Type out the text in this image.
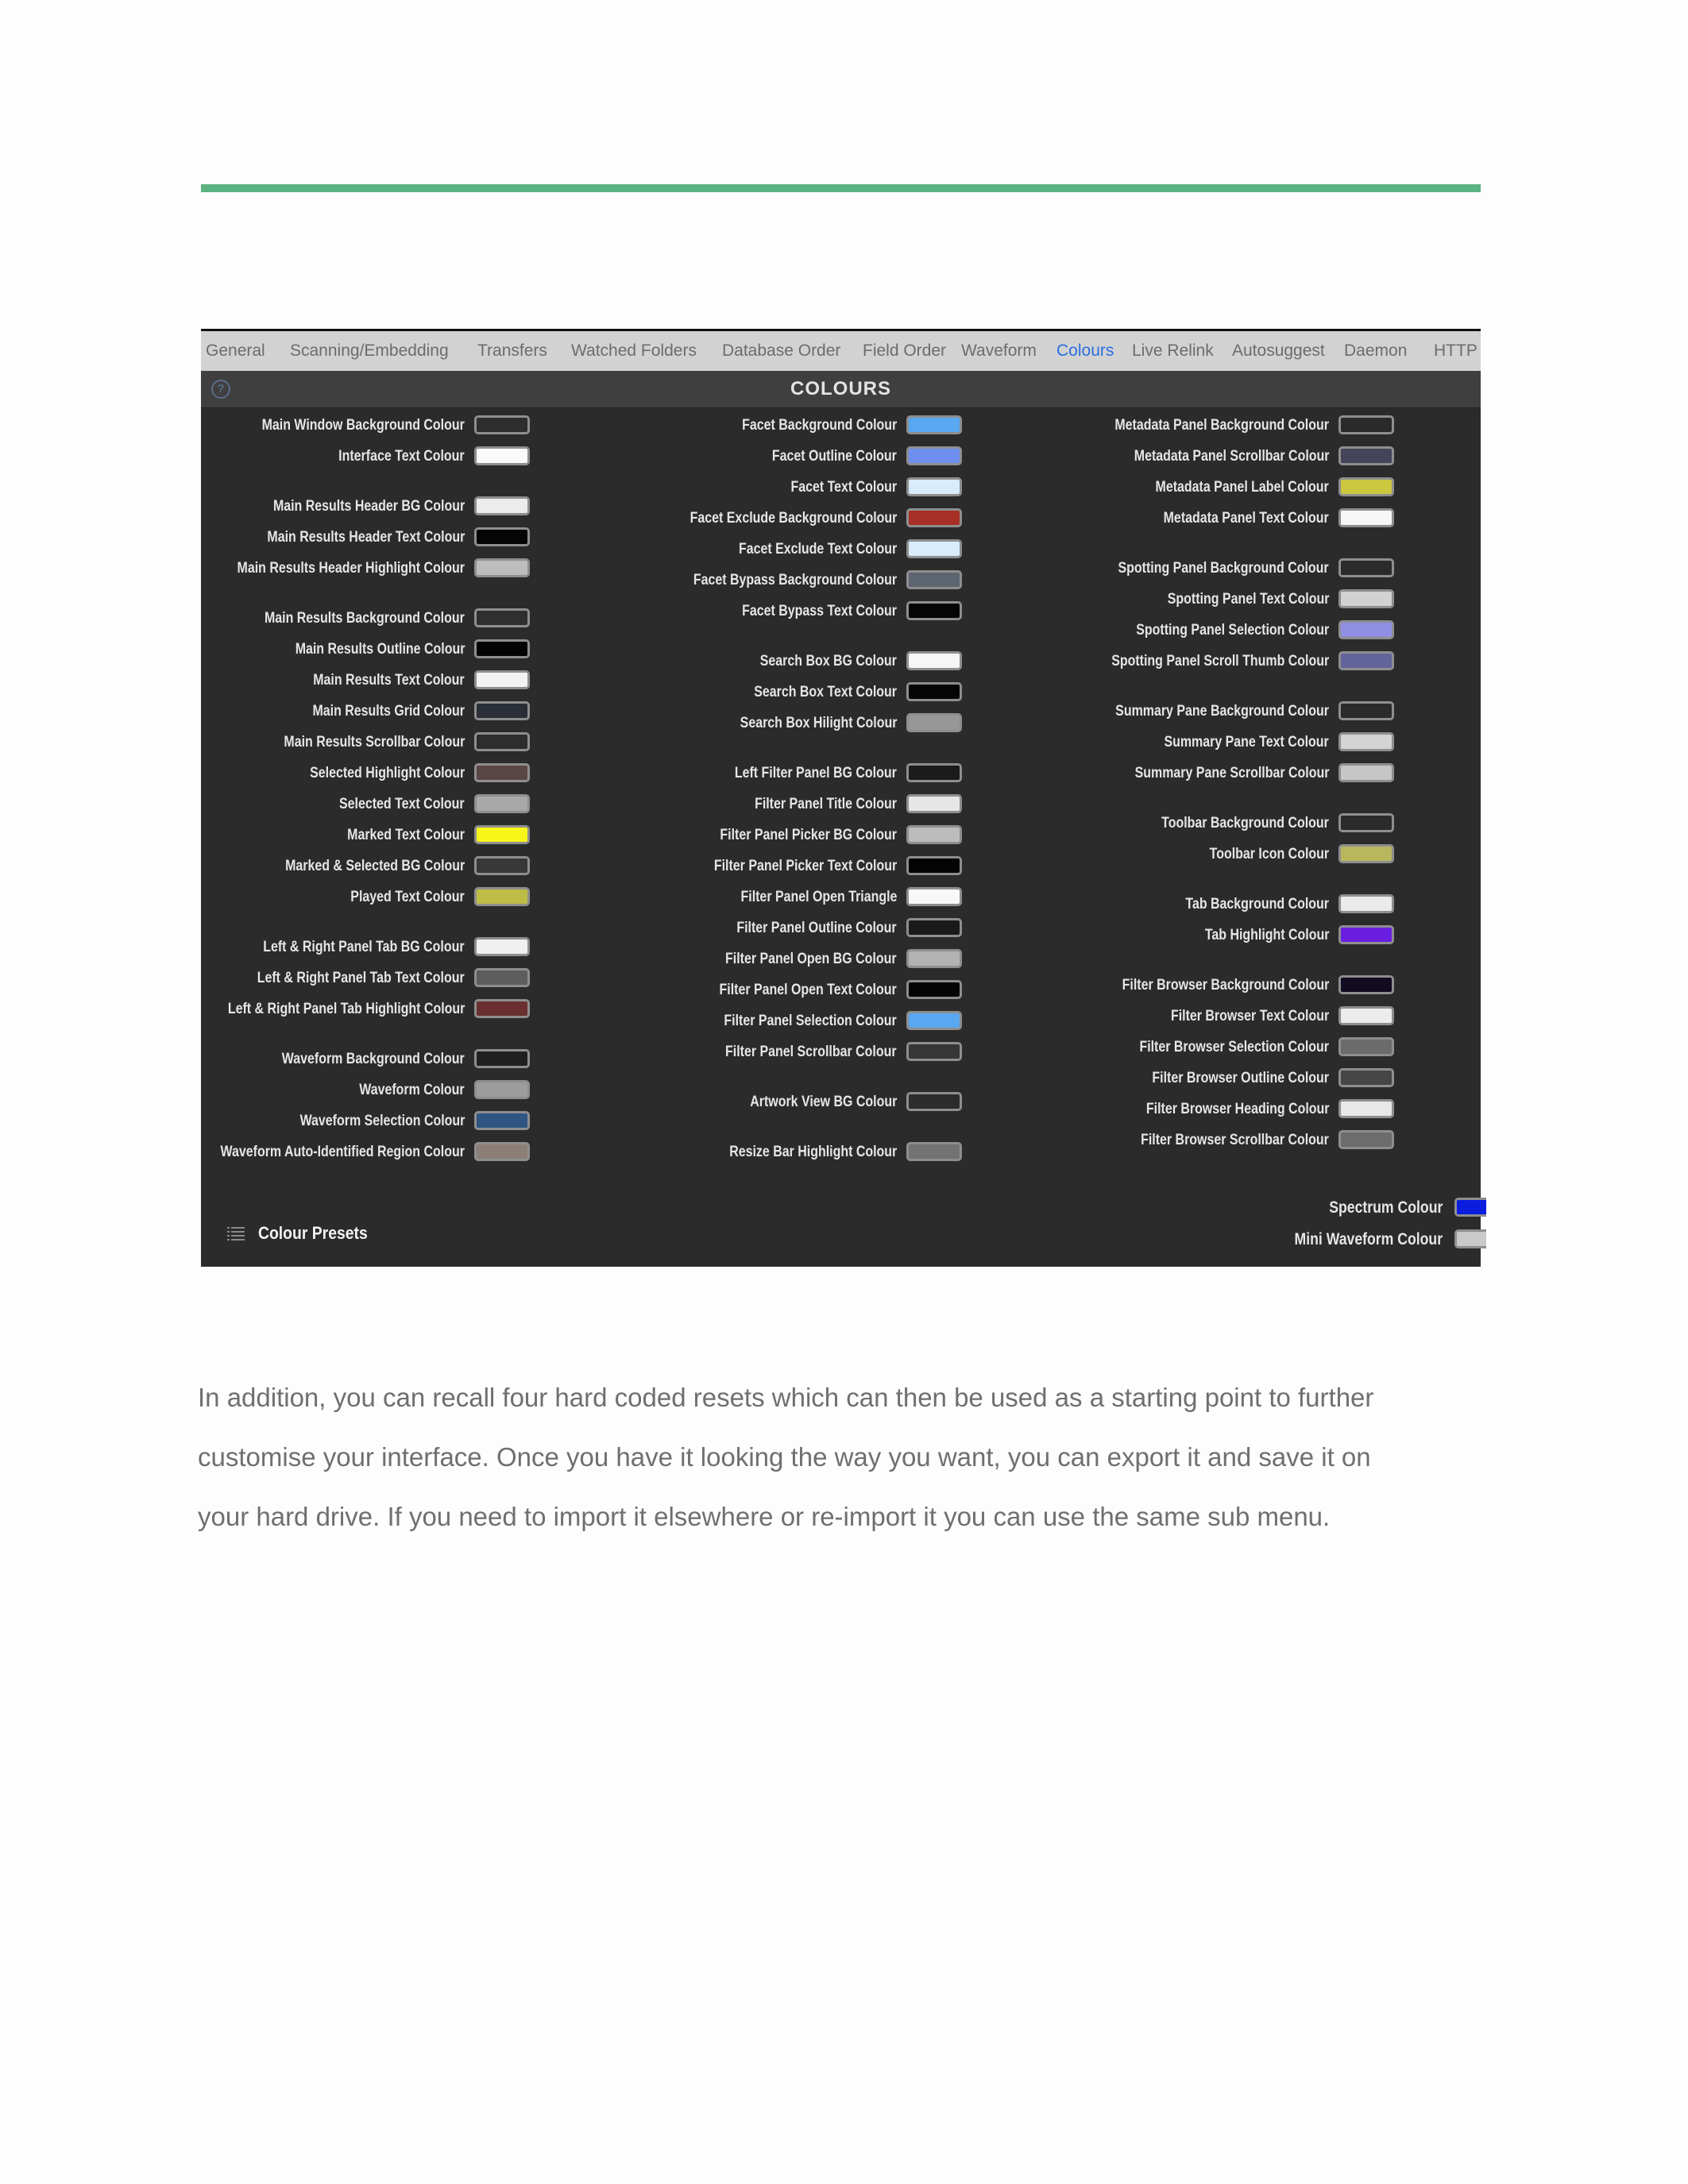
General Scanning/Embedding Transfers Watched Folders Database Order Field Order Waveform Colours Live Relink Autosuggest Daemon HTTP
?	COLOURS
Main Window Background Colour
Interface Text Colour
Main Results Header BG Colour
Main Results Header Text Colour
Main Results Header Highlight Colour
Main Results Background Colour
Main Results Outline Colour
Main Results Text Colour
Main Results Grid Colour
Main Results Scrollbar Colour
Selected Highlight Colour
Selected Text Colour
Marked Text Colour
Marked & Selected BG Colour
Played Text Colour
Left & Right Panel Tab BG Colour
Left & Right Panel Tab Text Colour
Left & Right Panel Tab Highlight Colour
Waveform Background Colour
Waveform Colour
Waveform Selection Colour
Waveform Auto-Identified Region Colour
Facet Background Colour
Facet Outline Colour
Facet Text Colour
Facet Exclude Background Colour
Facet Exclude Text Colour
Facet Bypass Background Colour
Facet Bypass Text Colour
Search Box BG Colour
Search Box Text Colour
Search Box Hilight Colour
Left Filter Panel BG Colour
Filter Panel Title Colour
Filter Panel Picker BG Colour
Filter Panel Picker Text Colour
Filter Panel Open Triangle
Filter Panel Outline Colour
Filter Panel Open BG Colour
Filter Panel Open Text Colour
Filter Panel Selection Colour
Filter Panel Scrollbar Colour
Artwork View BG Colour
Resize Bar Highlight Colour
Metadata Panel Background Colour
Metadata Panel Scrollbar Colour
Metadata Panel Label Colour
Metadata Panel Text Colour
Spotting Panel Background Colour
Spotting Panel Text Colour
Spotting Panel Selection Colour
Spotting Panel Scroll Thumb Colour
Summary Pane Background Colour
Summary Pane Text Colour
Summary Pane Scrollbar Colour
Toolbar Background Colour
Toolbar Icon Colour
Tab Background Colour
Tab Highlight Colour
Filter Browser Background Colour
Filter Browser Text Colour
Filter Browser Selection Colour
Filter Browser Outline Colour
Filter Browser Heading Colour
Filter Browser Scrollbar Colour
Spectrum Colour
Mini Waveform Colour
Colour Presets

In addition, you can recall four hard coded resets which can then be used as a starting point to further

customise your interface. Once you have it looking the way you want, you can export it and save it on

your hard drive. If you need to import it elsewhere or re-import it you can use the same sub menu.
